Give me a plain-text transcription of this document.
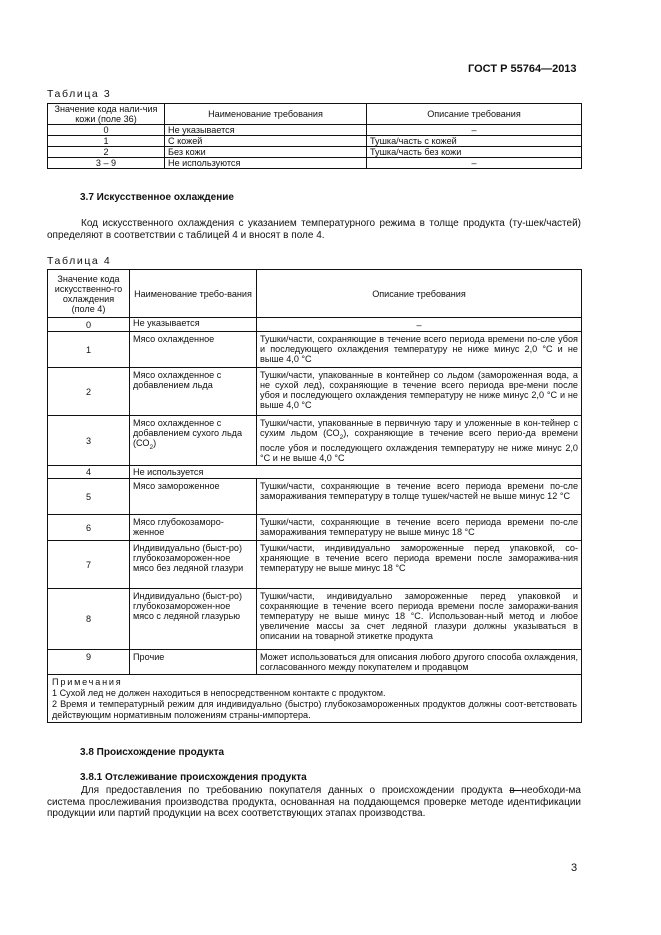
ГОСТ Р 55764—2013
Таблица 3
Значение кода нали-чия кожи (поле 36)	Наименование требования	Описание требования
0	Не указывается	–
1	С кожей	Тушка/часть с кожей
2	Без кожи	Тушка/часть без кожи
3 – 9	Не используются	–
3.7 Искусственное охлаждение

Код искусственного охлаждения с указанием температурного режима в толще продукта (ту-шек/частей) определяют в соответствии с таблицей 4 и вносят в поле 4.

Таблица 4
Значение кода искусственно-го охлаждения (поле 4)	Наименование требо-вания	Описание требования
0	Не указывается	–
1	Мясо охлажденное	Тушки/части, сохраняющие в течение всего периода времени по-сле убоя и последующего охлаждения температуру не ниже минус 2,0 °С и не выше 4,0 °С
2	Мясо охлажденное с добавлением льда	Тушки/части, упакованные в контейнер со льдом (замороженная вода, а не сухой лед), сохраняющие в течение всего периода вре-мени после убоя и последующего охлаждения температуру не ниже минус 2,0 °С и не выше 4,0 °С
3	Мясо охлажденное с добавлением сухого льда $(СО_2)$	Тушки/части, упакованные в первичную тару и уложенные в кон-тейнер с сухим льдом $(СО_2)$, сохраняющие в течение всего перио-да времени после убоя и последующего охлаждения температуру не ниже минус 2,0 °С и не выше 4,0 °С
4	Не используется	
5	Мясо замороженное	Тушки/части, сохраняющие в течение всего периода времени по-сле замораживания температуру в толще тушек/частей не выше минус 12 °С
6	Мясо глубокозаморо-женное	Тушки/части, сохраняющие в течение всего периода времени по-сле замораживания температуру не выше минус 18 °С
7	Индивидуально (быст-ро) глубокозаморожен-ное мясо без ледяной глазури	Тушки/части, индивидуально замороженные перед упаковкой, со-храняющие в течение всего периода времени после заморажива-ния температуру не выше минус 18 °С
8	Индивидуально (быст-ро) глубокозаморожен-ное мясо с ледяной глазурью	Тушки/части, индивидуально замороженные перед упаковкой и сохраняющие в течение всего периода времени после заморажи-вания температуру не выше минус 18 °С. Использован-ный метод и любое увеличение массы за счет ледяной глазури должны указываться в описании на товарной этикетке продукта
9	Прочие	Может использоваться для описания любого другого способа охлаждения, согласованного между покупателем и продавцом

Примечания
1 Сухой лед не должен находиться в непосредственном контакте с продуктом.
2 Время и температурный режим для индивидуально (быстро) глубокозамороженных продуктов должны соот-ветствовать действующим нормативным положениям страны-импортера.		
3.8 Происхождение продукта
3.8.1 Отслеживание происхождения продукта

Для предоставления по требованию покупателя данных о происхождении продукта в необходи-ма система прослеживания производства продукта, основанная на поддающемся проверке методе идентификации продукции или партий продукции на всех соответствующих этапах производства.

3
